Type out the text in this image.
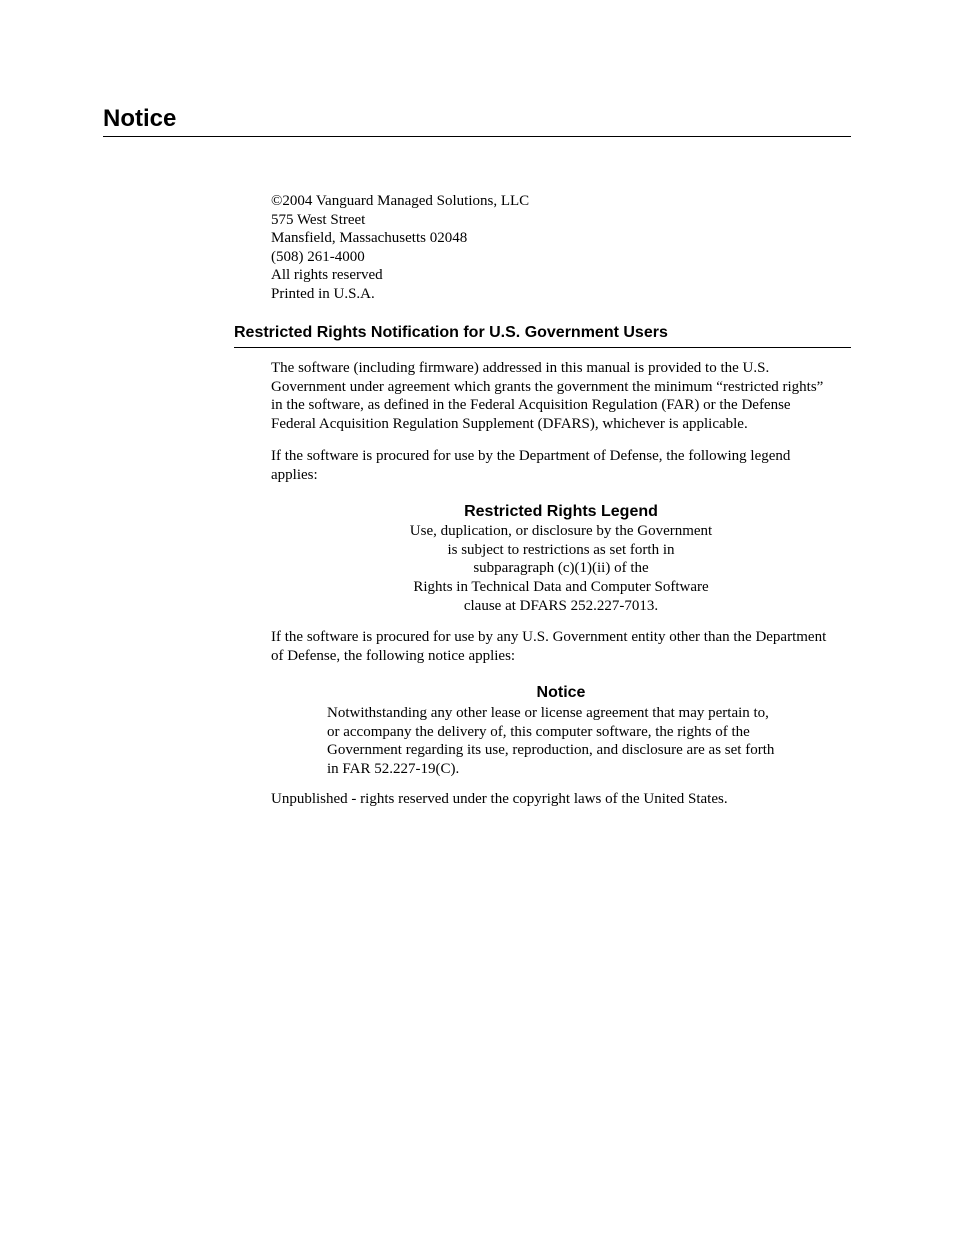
Notice
©2004 Vanguard Managed Solutions, LLC
575 West Street
Mansfield, Massachusetts 02048
(508) 261-4000
All rights reserved
Printed in U.S.A.
Restricted Rights Notification for U.S. Government Users

The software (including firmware) addressed in this manual is provided to the U.S.
Government under agreement which grants the government the minimum “restricted rights”
in the software, as defined in the Federal Acquisition Regulation (FAR) or the Defense
Federal Acquisition Regulation Supplement (DFARS), whichever is applicable.

If the software is procured for use by the Department of Defense, the following legend
applies:

Restricted Rights Legend
Use, duplication, or disclosure by the Government
is subject to restrictions as set forth in
subparagraph (c)(1)(ii) of the
Rights in Technical Data and Computer Software
clause at DFARS 252.227-7013.

If the software is procured for use by any U.S. Government entity other than the Department
of Defense, the following notice applies:

Notice
Notwithstanding any other lease or license agreement that may pertain to,
or accompany the delivery of, this computer software, the rights of the
Government regarding its use, reproduction, and disclosure are as set forth
in FAR 52.227-19(C).

Unpublished - rights reserved under the copyright laws of the United States.
